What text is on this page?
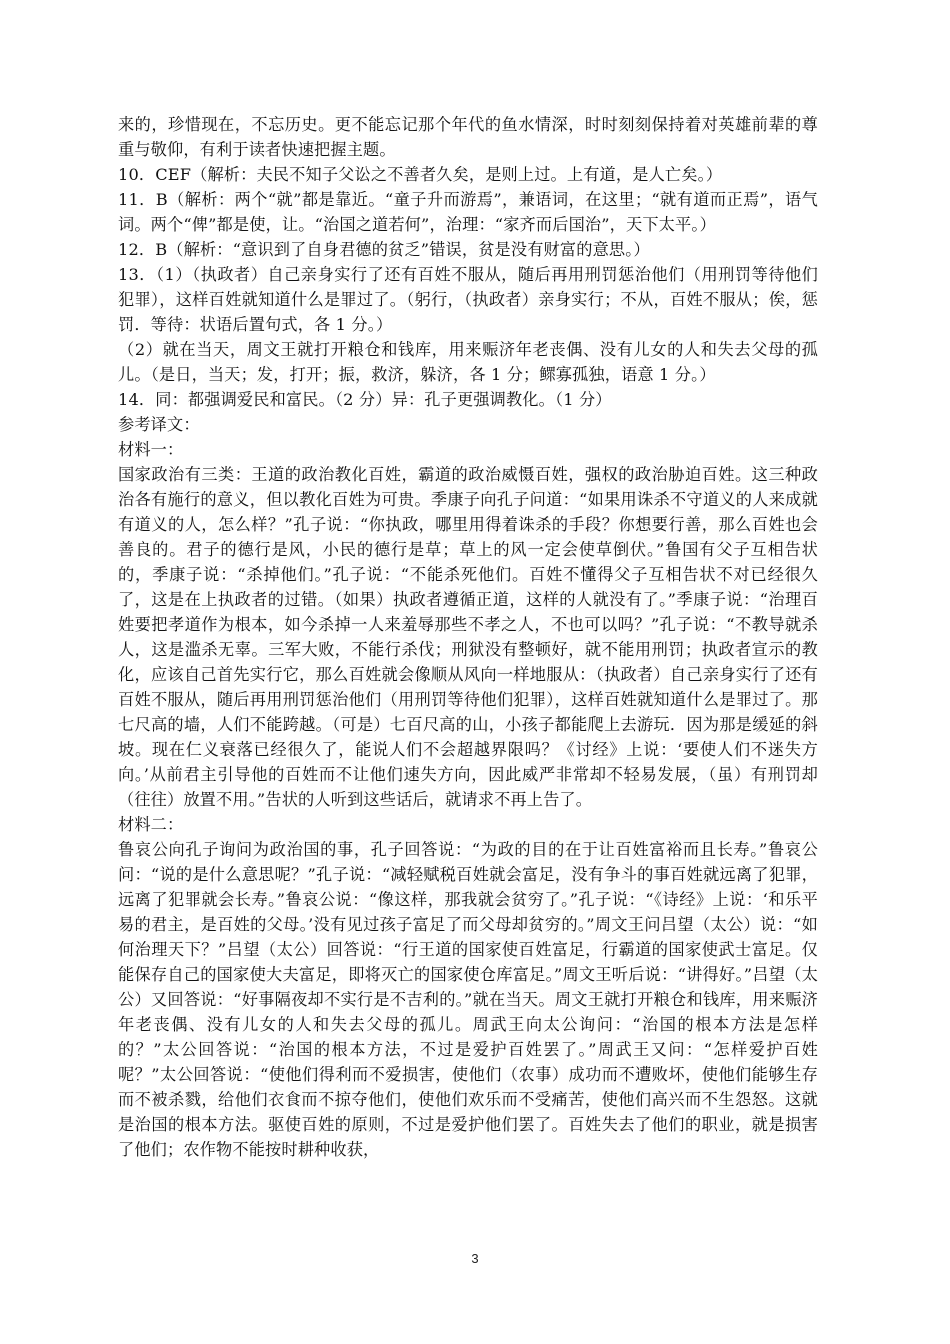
来的，珍惜现在，不忘历史。更不能忘记那个年代的鱼水情深，时时刻刻保持着对英雄前辈的尊重与敬仰，有利于读者快速把握主题。

10．CEF（解析：夫民不知子父讼之不善者久矣，是则上过。上有道，是人亡矣。）

11．B（解析：两个“就”都是靠近。“童子升而游焉”，兼语词，在这里；“就有道而正焉”，语气词。两个“俾”都是使，让。“治国之道若何”，治理：“家齐而后国治”，天下太平。）

12．B（解析：“意识到了自身君德的贫乏”错误，贫是没有财富的意思。）

13．（1）（执政者）自己亲身实行了还有百姓不服从，随后再用刑罚惩治他们（用刑罚等待他们犯罪），这样百姓就知道什么是罪过了。（躬行，（执政者）亲身实行；不从，百姓不服从；俟，惩罚．等待：状语后置句式，各 1 分。）

（2）就在当天，周文王就打开粮仓和钱库，用来赈济年老丧偶、没有儿女的人和失去父母的孤儿。（是日，当天；发，打开；振，救济，躲济，各 1 分；鳏寡孤独，语意 1 分。）

14．同：都强调爱民和富民。（2 分）异：孔子更强调教化。（1 分）

参考译文：

材料一：

国家政治有三类：王道的政治教化百姓，霸道的政治威慑百姓，强权的政治胁迫百姓。这三种政治各有施行的意义，但以教化百姓为可贵。季康子向孔子问道：“如果用诛杀不守道义的人来成就有道义的人，怎么样？”孔子说：“你执政，哪里用得着诛杀的手段？你想要行善，那么百姓也会善良的。君子的德行是风，小民的德行是草；草上的风一定会使草倒伏。”鲁国有父子互相告状的，季康子说：“杀掉他们。”孔子说：“不能杀死他们。百姓不懂得父子互相告状不对已经很久了，这是在上执政者的过错。（如果）执政者遵循正道，这样的人就没有了。”季康子说：“治理百姓要把孝道作为根本，如今杀掉一人来羞辱那些不孝之人，不也可以吗？”孔子说：“不教导就杀人，这是滥杀无辜。三军大败，不能行杀伐；刑狱没有整顿好，就不能用刑罚；执政者宣示的教化，应该自己首先实行它，那么百姓就会像顺从风向一样地服从：（执政者）自己亲身实行了还有百姓不服从，随后再用刑罚惩治他们（用刑罚等待他们犯罪），这样百姓就知道什么是罪过了。那七尺高的墙，人们不能跨越。（可是）七百尺高的山，小孩子都能爬上去游玩．因为那是缓延的斜坡。现在仁义衰落已经很久了，能说人们不会超越界限吗？《讨经》上说：‘要使人们不迷失方向。’从前君主引导他的百姓而不让他们速失方向，因此威严非常却不轻易发展，（虽）有刑罚却（往往）放置不用。”告状的人听到这些话后，就请求不再上告了。

材料二：

鲁哀公向孔子询问为政治国的事，孔子回答说：“为政的目的在于让百姓富裕而且长寿。”鲁哀公问：“说的是什么意思呢？”孔子说：“减轻赋税百姓就会富足，没有争斗的事百姓就远离了犯罪，远离了犯罪就会长寿。”鲁哀公说：“像这样，那我就会贫穷了。”孔子说：“《诗经》上说：‘和乐平易的君主，是百姓的父母。’没有见过孩子富足了而父母却贫穷的。”周文王问吕望（太公）说：“如何治理天下？”吕望（太公）回答说：“行王道的国家使百姓富足，行霸道的国家使武士富足。仅能保存自己的国家使大夫富足，即将灭亡的国家使仓库富足。”周文王听后说：“讲得好。”吕望（太公）又回答说：“好事隔夜却不实行是不吉利的。”就在当天。周文王就打开粮仓和钱库，用来赈济年老丧偶、没有儿女的人和失去父母的孤儿。周武王向太公询问：“治国的根本方法是怎样的？”太公回答说：“治国的根本方法，不过是爱护百姓罢了。”周武王又问：“怎样爱护百姓呢？”太公回答说：“使他们得利而不爱损害，使他们（农事）成功而不遭败坏，使他们能够生存而不被杀戮，给他们衣食而不掠夺他们，使他们欢乐而不受痛苦，使他们高兴而不生怨怒。这就是治国的根本方法。驱使百姓的原则，不过是爱护他们罢了。百姓失去了他们的职业，就是损害了他们；农作物不能按时耕种收获，

3
